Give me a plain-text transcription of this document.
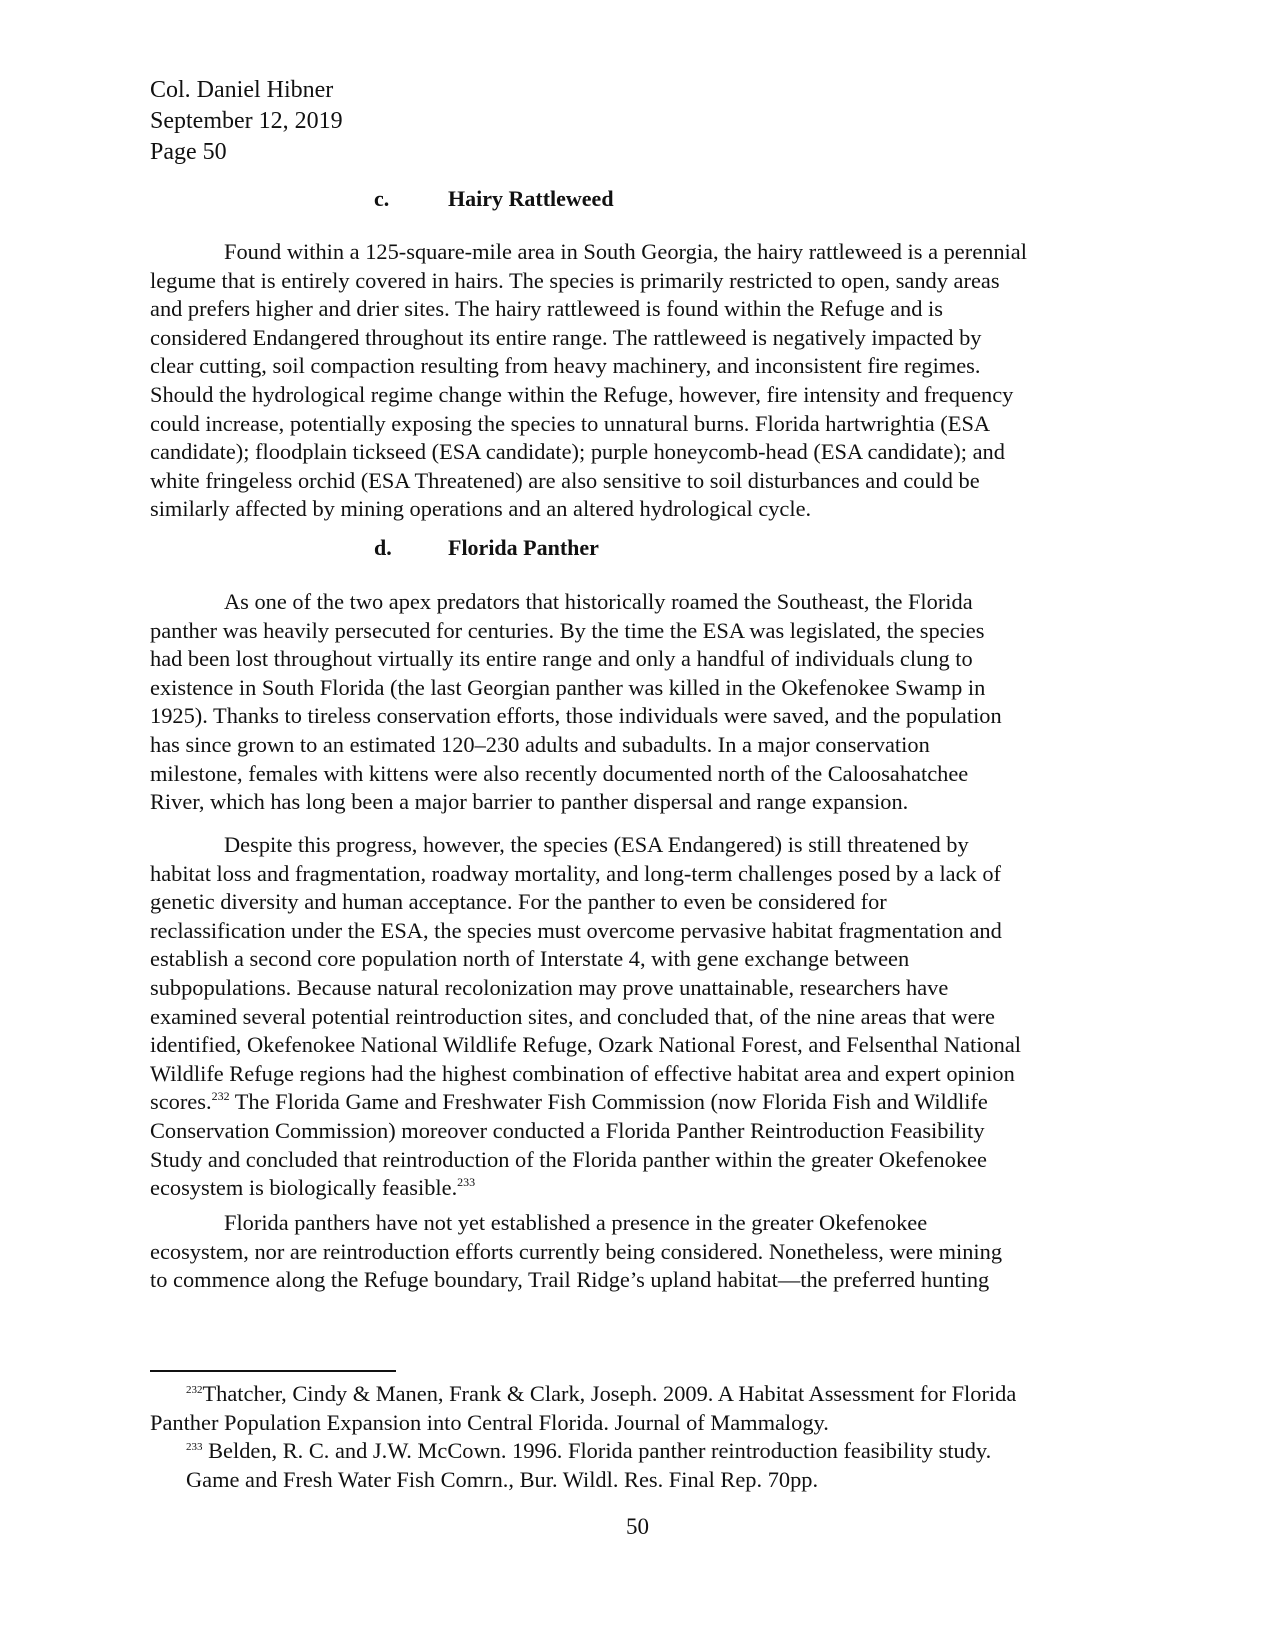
Col. Daniel Hibner
September 12, 2019
Page 50
c.	Hairy Rattleweed
Found within a 125-square-mile area in South Georgia, the hairy rattleweed is a perennial
legume that is entirely covered in hairs. The species is primarily restricted to open, sandy areas
and prefers higher and drier sites. The hairy rattleweed is found within the Refuge and is
considered Endangered throughout its entire range. The rattleweed is negatively impacted by
clear cutting, soil compaction resulting from heavy machinery, and inconsistent fire regimes.
Should the hydrological regime change within the Refuge, however, fire intensity and frequency
could increase, potentially exposing the species to unnatural burns. Florida hartwrightia (ESA
candidate); floodplain tickseed (ESA candidate); purple honeycomb-head (ESA candidate); and
white fringeless orchid (ESA Threatened) are also sensitive to soil disturbances and could be
similarly affected by mining operations and an altered hydrological cycle.
d.	Florida Panther
As one of the two apex predators that historically roamed the Southeast, the Florida
panther was heavily persecuted for centuries. By the time the ESA was legislated, the species
had been lost throughout virtually its entire range and only a handful of individuals clung to
existence in South Florida (the last Georgian panther was killed in the Okefenokee Swamp in
1925). Thanks to tireless conservation efforts, those individuals were saved, and the population
has since grown to an estimated 120–230 adults and subadults. In a major conservation
milestone, females with kittens were also recently documented north of the Caloosahatchee
River, which has long been a major barrier to panther dispersal and range expansion.
Despite this progress, however, the species (ESA Endangered) is still threatened by
habitat loss and fragmentation, roadway mortality, and long-term challenges posed by a lack of
genetic diversity and human acceptance. For the panther to even be considered for
reclassification under the ESA, the species must overcome pervasive habitat fragmentation and
establish a second core population north of Interstate 4, with gene exchange between
subpopulations. Because natural recolonization may prove unattainable, researchers have
examined several potential reintroduction sites, and concluded that, of the nine areas that were
identified, Okefenokee National Wildlife Refuge, Ozark National Forest, and Felsenthal National
Wildlife Refuge regions had the highest combination of effective habitat area and expert opinion
scores.$^{232}$ The Florida Game and Freshwater Fish Commission (now Florida Fish and Wildlife
Conservation Commission) moreover conducted a Florida Panther Reintroduction Feasibility
Study and concluded that reintroduction of the Florida panther within the greater Okefenokee
ecosystem is biologically feasible.$^{233}$
Florida panthers have not yet established a presence in the greater Okefenokee
ecosystem, nor are reintroduction efforts currently being considered. Nonetheless, were mining
to commence along the Refuge boundary, Trail Ridge’s upland habitat—the preferred hunting
$^{232}$Thatcher, Cindy & Manen, Frank & Clark, Joseph. 2009. A Habitat Assessment for Florida
Panther Population Expansion into Central Florida. Journal of Mammalogy.
$^{233}$ Belden, R. C. and J.W. McCown. 1996. Florida panther reintroduction feasibility study.
Game and Fresh Water Fish Comrn., Bur. Wildl. Res. Final Rep. 70pp.
50
